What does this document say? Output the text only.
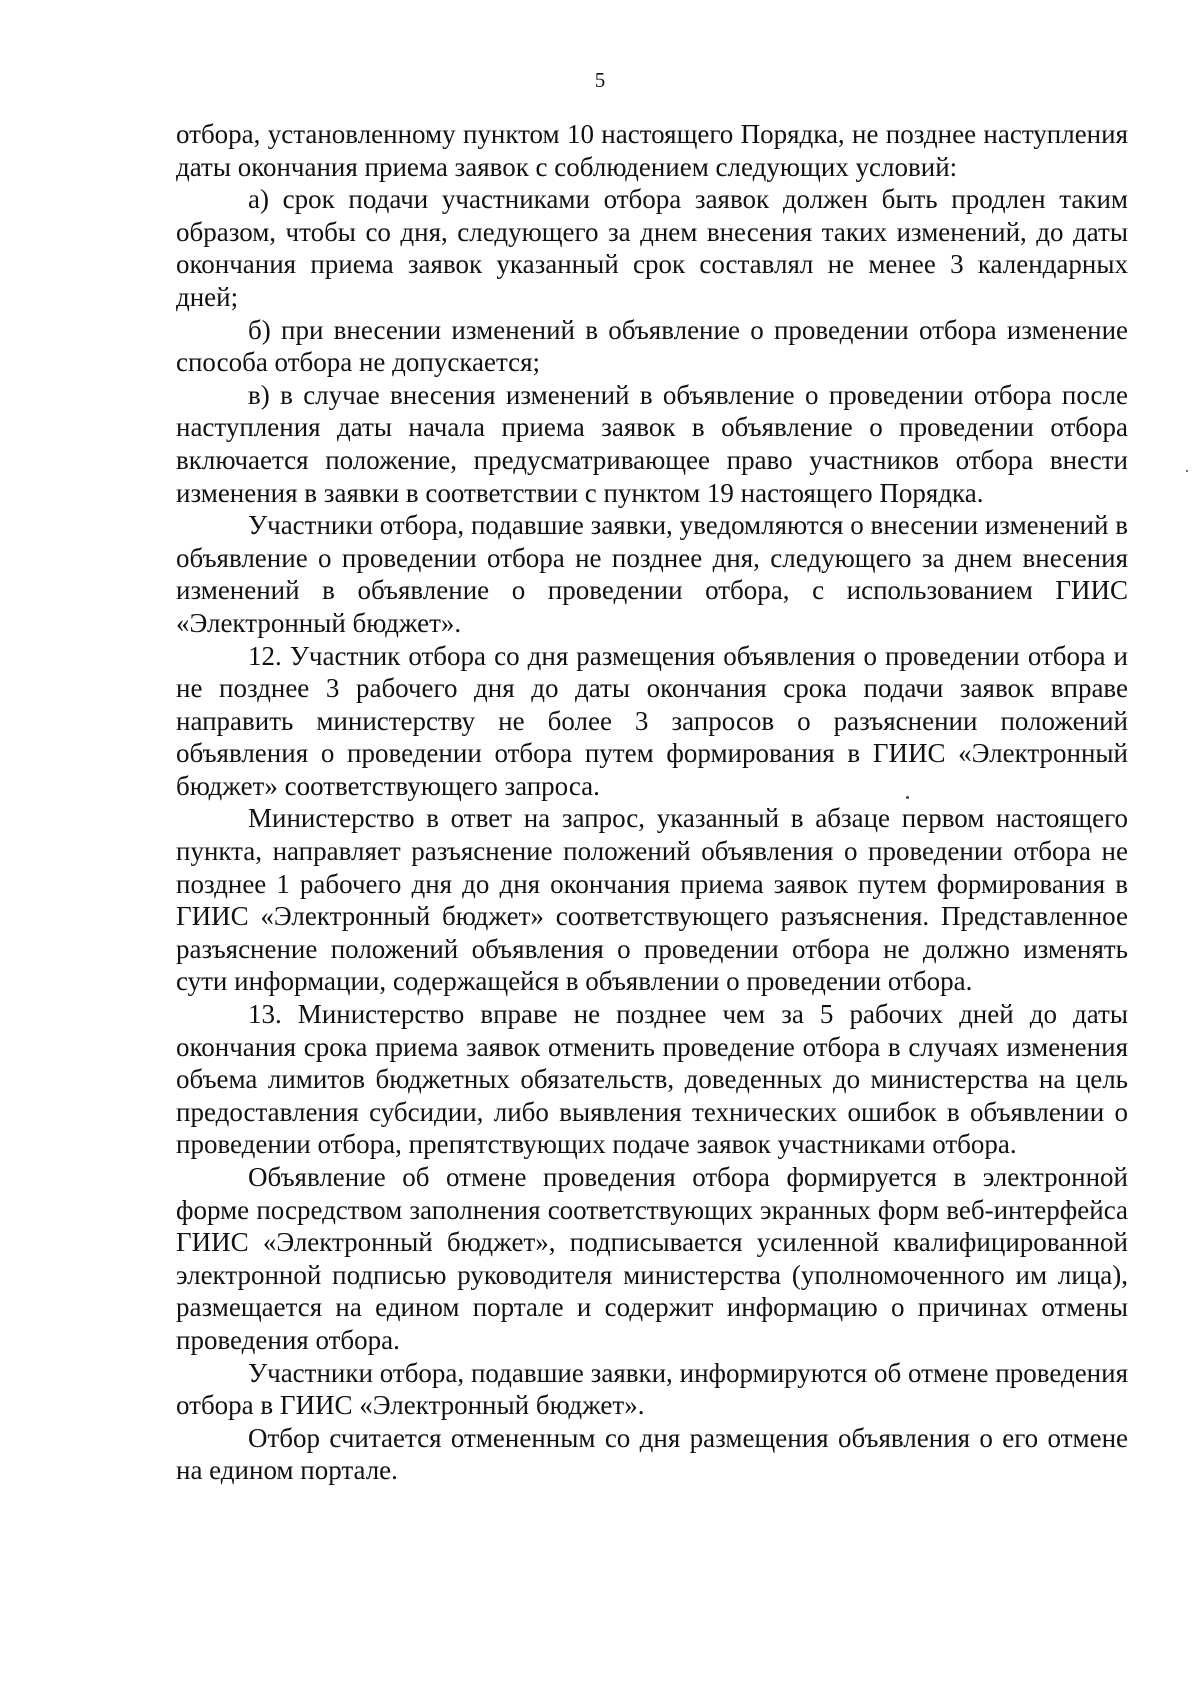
5

отбора, установленному пунктом 10 настоящего Порядка, не позднее наступления даты окончания приема заявок с соблюдением следующих условий:

а) срок подачи участниками отбора заявок должен быть продлен таким образом, чтобы со дня, следующего за днем внесения таких изменений, до даты окончания приема заявок указанный срок составлял не менее 3 календарных дней;

б) при внесении изменений в объявление о проведении отбора изменение способа отбора не допускается;

в) в случае внесения изменений в объявление о проведении отбора после наступления даты начала приема заявок в объявление о проведении отбора включается положение, предусматривающее право участников отбора внести изменения в заявки в соответствии с пунктом 19 настоящего Порядка.

Участники отбора, подавшие заявки, уведомляются о внесении изменений в объявление о проведении отбора не позднее дня, следующего за днем внесения изменений в объявление о проведении отбора, с использованием ГИИС «Электронный бюджет».

12. Участник отбора со дня размещения объявления о проведении отбора и не позднее 3 рабочего дня до даты окончания срока подачи заявок вправе направить министерству не более 3 запросов о разъяснении положений объявления о проведении отбора путем формирования в ГИИС «Электронный бюджет» соответствующего запроса.

Министерство в ответ на запрос, указанный в абзаце первом настоящего пункта, направляет разъяснение положений объявления о проведении отбора не позднее 1 рабочего дня до дня окончания приема заявок путем формирования в ГИИС «Электронный бюджет» соответствующего разъяснения. Представленное разъяснение положений объявления о проведении отбора не должно изменять сути информации, содержащейся в объявлении о проведении отбора.

13. Министерство вправе не позднее чем за 5 рабочих дней до даты окончания срока приема заявок отменить проведение отбора в случаях изменения объема лимитов бюджетных обязательств, доведенных до министерства на цель предоставления субсидии, либо выявления технических ошибок в объявлении о проведении отбора, препятствующих подаче заявок участниками отбора.

Объявление об отмене проведения отбора формируется в электронной форме посредством заполнения соответствующих экранных форм веб-интерфейса ГИИС «Электронный бюджет», подписывается усиленной квалифицированной электронной подписью руководителя министерства (уполномоченного им лица), размещается на едином портале и содержит информацию о причинах отмены проведения отбора.

Участники отбора, подавшие заявки, информируются об отмене проведения отбора в ГИИС «Электронный бюджет».

Отбор считается отмененным со дня размещения объявления о его отмене на едином портале.
